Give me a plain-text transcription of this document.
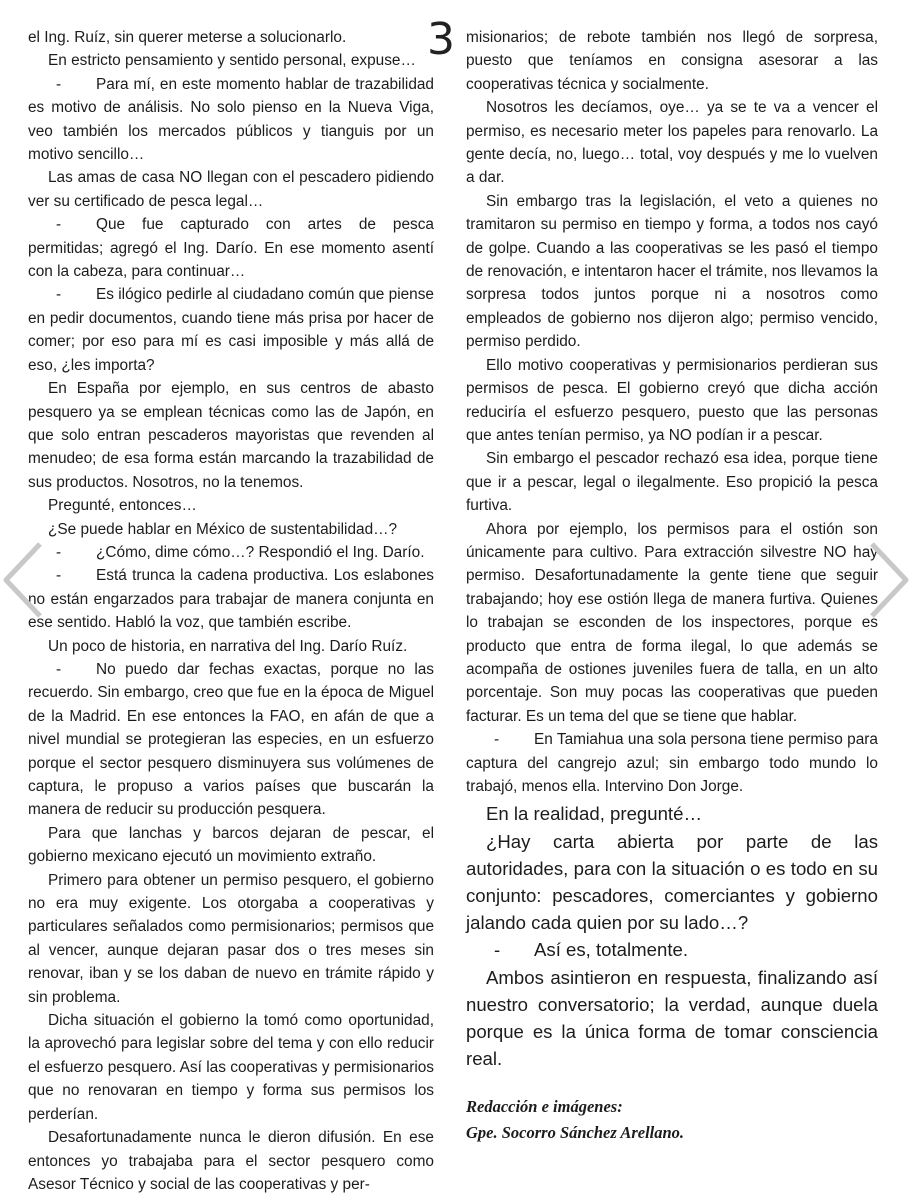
3

el Ing. Ruíz, sin querer meterse a solucionarlo.

En estricto pensamiento y sentido personal, expuse…

- Para mí, en este momento hablar de trazabilidad es motivo de análisis. No solo pienso en la Nueva Viga, veo también los mercados públicos y tianguis por un motivo sencillo…

Las amas de casa NO llegan con el pescadero pidiendo ver su certificado de pesca legal…

- Que fue capturado con artes de pesca permitidas; agregó el Ing. Darío. En ese momento asentí con la cabeza, para continuar…

- Es ilógico pedirle al ciudadano común que piense en pedir documentos, cuando tiene más prisa por hacer de comer; por eso para mí es casi imposible y más allá de eso, ¿les importa?

En España por ejemplo, en sus centros de abasto pesquero ya se emplean técnicas como las de Japón, en que solo entran pescaderos mayoristas que revenden al menudeo; de esa forma están marcando la trazabilidad de sus productos. Nosotros, no la tenemos.

Pregunté, entonces…

¿Se puede hablar en México de sustentabilidad…?

- ¿Cómo, dime cómo…? Respondió el Ing. Darío.

- Está trunca la cadena productiva. Los eslabones no están engarzados para trabajar de manera conjunta en ese sentido. Habló la voz, que también escribe.

Un poco de historia, en narrativa del Ing. Darío Ruíz.

- No puedo dar fechas exactas, porque no las recuerdo. Sin embargo, creo que fue en la época de Miguel de la Madrid. En ese entonces la FAO, en afán de que a nivel mundial se protegieran las especies, en un esfuerzo porque el sector pesquero disminuyera sus volúmenes de captura, le propuso a varios países que buscarán la manera de reducir su producción pesquera.

Para que lanchas y barcos dejaran de pescar, el gobierno mexicano ejecutó un movimiento extraño.

Primero para obtener un permiso pesquero, el gobierno no era muy exigente. Los otorgaba a cooperativas y particulares señalados como permisionarios; permisos que al vencer, aunque dejaran pasar dos o tres meses sin renovar, iban y se los daban de nuevo en trámite rápido y sin problema.

Dicha situación el gobierno la tomó como oportunidad, la aprovechó para legislar sobre del tema y con ello reducir el esfuerzo pesquero. Así las cooperativas y permisionarios que no renovaran en tiempo y forma sus permisos los perderían.

Desafortunadamente nunca le dieron difusión. En ese entonces yo trabajaba para el sector pesquero como Asesor Técnico y social de las cooperativas y per-

misionarios; de rebote también nos llegó de sorpresa, puesto que teníamos en consigna asesorar a las cooperativas técnica y socialmente.

Nosotros les decíamos, oye… ya se te va a vencer el permiso, es necesario meter los papeles para renovarlo. La gente decía, no, luego… total, voy después y me lo vuelven a dar.

Sin embargo tras la legislación, el veto a quienes no tramitaron su permiso en tiempo y forma, a todos nos cayó de golpe. Cuando a las cooperativas se les pasó el tiempo de renovación, e intentaron hacer el trámite, nos llevamos la sorpresa todos juntos porque ni a nosotros como empleados de gobierno nos dijeron algo; permiso vencido, permiso perdido.

Ello motivo cooperativas y permisionarios perdieran sus permisos de pesca. El gobierno creyó que dicha acción reduciría el esfuerzo pesquero, puesto que las personas que antes tenían permiso, ya NO podían ir a pescar.

Sin embargo el pescador rechazó esa idea, porque tiene que ir a pescar, legal o ilegalmente. Eso propició la pesca furtiva.

Ahora por ejemplo, los permisos para el ostión son únicamente para cultivo. Para extracción silvestre NO hay permiso. Desafortunadamente la gente tiene que seguir trabajando; hoy ese ostión llega de manera furtiva. Quienes lo trabajan se esconden de los inspectores, porque es producto que entra de forma ilegal, lo que además se acompaña de ostiones juveniles fuera de talla, en un alto porcentaje. Son muy pocas las cooperativas que pueden facturar. Es un tema del que se tiene que hablar.

- En Tamiahua una sola persona tiene permiso para captura del cangrejo azul; sin embargo todo mundo lo trabajó, menos ella. Intervino Don Jorge.

En la realidad, pregunté…

¿Hay carta abierta por parte de las autoridades, para con la situación o es todo en su conjunto: pescadores, comerciantes y gobierno jalando cada quien por su lado…?

- Así es, totalmente.

Ambos asintieron en respuesta, finalizando así nuestro conversatorio; la verdad, aunque duela porque es la única forma de tomar consciencia real.

Redacción e imágenes:
Gpe. Socorro Sánchez Arellano.
